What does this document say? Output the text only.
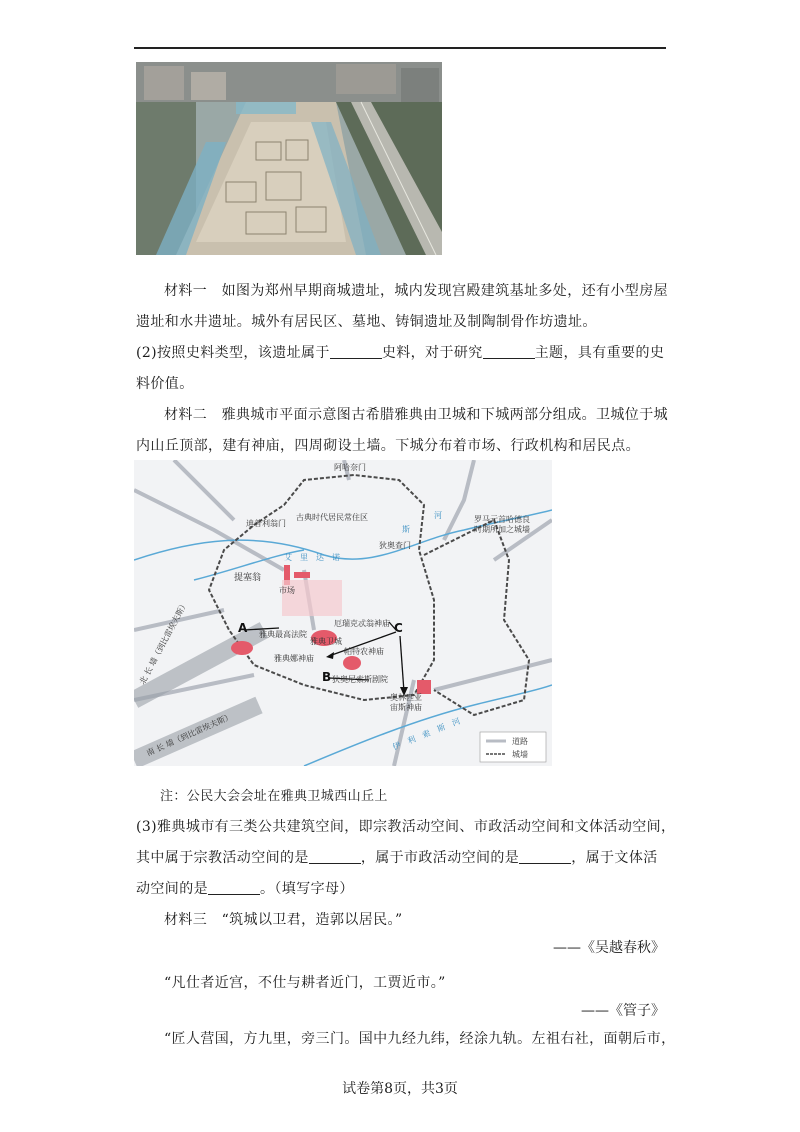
材料一　如图为郑州早期商城遗址，城内发现宫殿建筑基址多处，还有小型房屋遗址和水井遗址。城外有居民区、墓地、铸铜遗址及制陶制骨作坊遗址。

(2)按照史料类型，该遗址属于	史料，对于研究	主题，具有重要的史料价值。

材料二　雅典城市平面示意图古希腊雅典由卫城和下城两部分组成。卫城位于城内山丘顶部，建有神庙，四周砌设土墙。下城分布着市场、行政机构和居民点。

阿哈奈门
迪普利翁门
古典时代居民常住区	罗马元首哈德良
时期所加之城墙
河
斯
艾　里　达　诺
狄奥查门
提塞翁
市场
雅典最高法院
厄瑞克忒翁神庙
雅典卫城
帕特农神庙
雅典娜神庙
狄奥尼索斯剧院
奥林匹亚
宙斯神庙
北 长 墙（到比雷埃夫斯）
南 长 墙（到比雷埃夫斯）	伊　利　索　斯　河
A
B
C
道路
城墙

注：公民大会会址在雅典卫城西山丘上

(3)雅典城市有三类公共建筑空间，即宗教活动空间、市政活动空间和文体活动空间，

其中属于宗教活动空间的是	，属于市政活动空间的是	，属于文体活

动空间的是	。（填写字母）

材料三　“筑城以卫君，造郭以居民。”

——《吴越春秋》

“凡仕者近宫，不仕与耕者近门，工贾近市。”

——《管子》

“匠人营国，方九里，旁三门。国中九经九纬，经涂九轨。左祖右社，面朝后市，

试卷第8页，共3页
